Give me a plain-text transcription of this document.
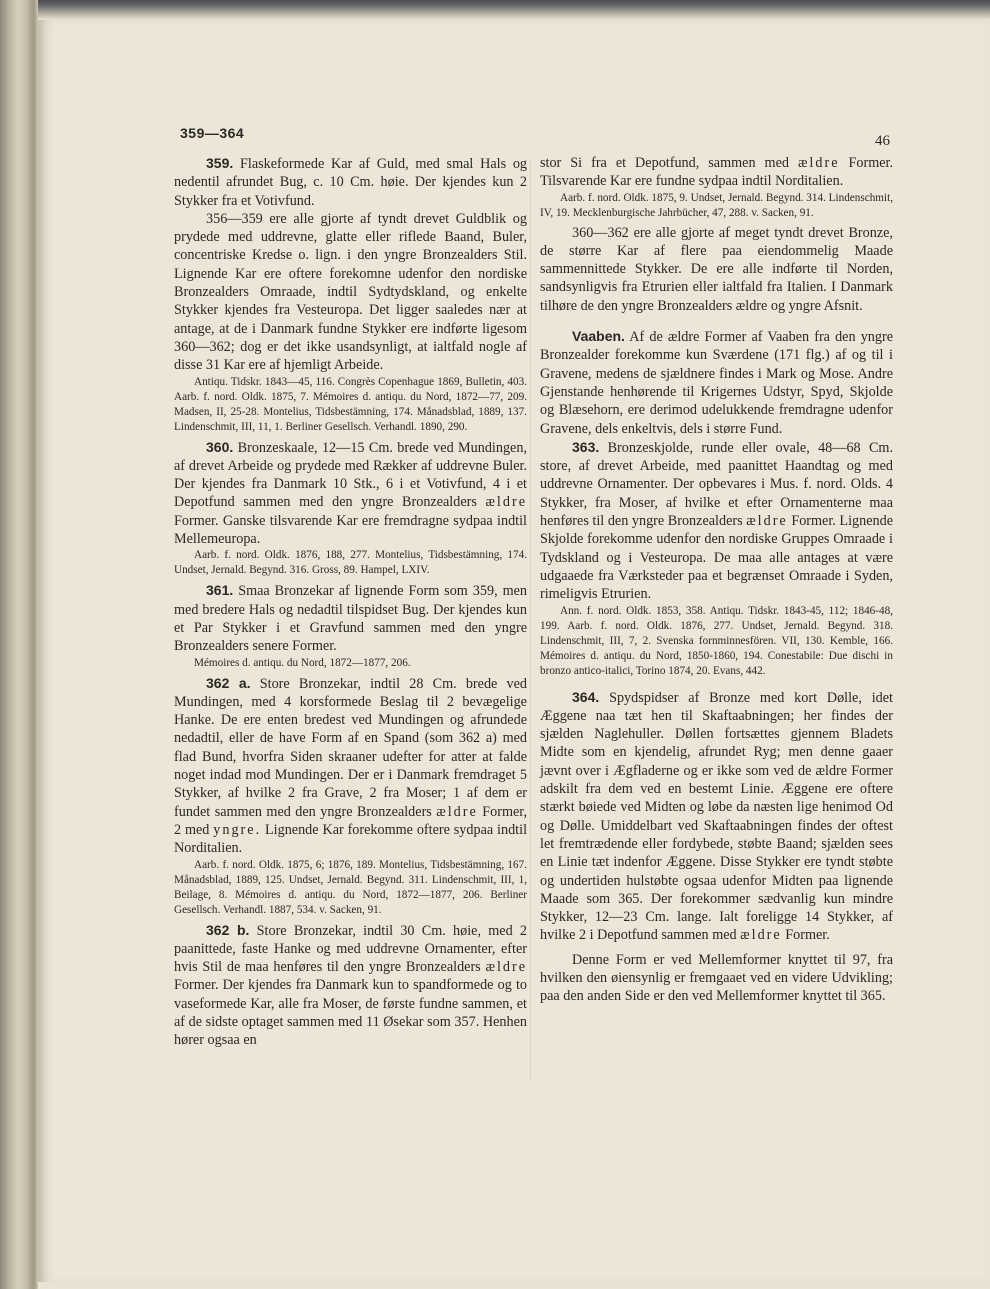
359—364	46

359. Flaskeformede Kar af Guld, med smal Hals og nedentil afrundet Bug, c. 10 Cm. høie. Der kjendes kun 2 Stykker fra et Votivfund.

356—359 ere alle gjorte af tyndt drevet Guldblik og prydede med uddrevne, glatte eller riflede Baand, Buler, concentriske Kredse o. lign. i den yngre Bronzealders Stil. Lignende Kar ere oftere forekomne udenfor den nordiske Bronzealders Omraade, indtil Sydtydskland, og enkelte Stykker kjendes fra Vesteuropa. Det ligger saaledes nær at antage, at de i Danmark fundne Stykker ere indførte ligesom 360—362; dog er det ikke usandsynligt, at ialtfald nogle af disse 31 Kar ere af hjemligt Arbeide.

Antiqu. Tidskr. 1843—45, 116. Congrès Copenhague 1869, Bulletin, 403. Aarb. f. nord. Oldk. 1875, 7. Mémoires d. antiqu. du Nord, 1872—77, 209. Madsen, II, 25-28. Montelius, Tidsbestämning, 174. Månadsblad, 1889, 137. Lindenschmit, III, 11, 1. Berliner Gesellsch. Verhandl. 1890, 290.

360. Bronzeskaale, 12—15 Cm. brede ved Mundingen, af drevet Arbeide og prydede med Rækker af uddrevne Buler. Der kjendes fra Danmark 10 Stk., 6 i et Votivfund, 4 i et Depotfund sammen med den yngre Bronzealders ældre Former. Ganske tilsvarende Kar ere fremdragne sydpaa indtil Mellemeuropa.

Aarb. f. nord. Oldk. 1876, 188, 277. Montelius, Tidsbestämning, 174. Undset, Jernald. Begynd. 316. Gross, 89. Hampel, LXIV.

361. Smaa Bronzekar af lignende Form som 359, men med bredere Hals og nedadtil tilspidset Bug. Der kjendes kun et Par Stykker i et Gravfund sammen med den yngre Bronzealders senere Former.

Mémoires d. antiqu. du Nord, 1872—1877, 206.

362 a. Store Bronzekar, indtil 28 Cm. brede ved Mundingen, med 4 korsformede Beslag til 2 bevægelige Hanke. De ere enten bredest ved Mundingen og afrundede nedadtil, eller de have Form af en Spand (som 362 a) med flad Bund, hvorfra Siden skraaner udefter for atter at falde noget indad mod Mundingen. Der er i Danmark fremdraget 5 Stykker, af hvilke 2 fra Grave, 2 fra Moser; 1 af dem er fundet sammen med den yngre Bronzealders ældre Former, 2 med yngre. Lignende Kar forekomme oftere sydpaa indtil Norditalien.

Aarb. f. nord. Oldk. 1875, 6; 1876, 189. Montelius, Tidsbestämning, 167. Månadsblad, 1889, 125. Undset, Jernald. Begynd. 311. Lindenschmit, III, 1, Beilage, 8. Mémoires d. antiqu. du Nord, 1872—1877, 206. Berliner Gesellsch. Verhandl. 1887, 534. v. Sacken, 91.

362 b. Store Bronzekar, indtil 30 Cm. høie, med 2 paanittede, faste Hanke og med uddrevne Ornamenter, efter hvis Stil de maa henføres til den yngre Bronzealders ældre Former. Der kjendes fra Danmark kun to spandformede og to vaseformede Kar, alle fra Moser, de første fundne sammen, et af de sidste optaget sammen med 11 Øsekar som 357. Henhen hører ogsaa en

stor Si fra et Depotfund, sammen med ældre Former. Tilsvarende Kar ere fundne sydpaa indtil Norditalien.

Aarb. f. nord. Oldk. 1875, 9. Undset, Jernald. Begynd. 314. Lindenschmit, IV, 19. Mecklenburgische Jahrbücher, 47, 288. v. Sacken, 91.

360—362 ere alle gjorte af meget tyndt drevet Bronze, de større Kar af flere paa eiendommelig Maade sammennittede Stykker. De ere alle indførte til Norden, sandsynligvis fra Etrurien eller ialtfald fra Italien. I Danmark tilhøre de den yngre Bronzealders ældre og yngre Afsnit.

Vaaben. Af de ældre Former af Vaaben fra den yngre Bronzealder forekomme kun Sværdene (171 flg.) af og til i Gravene, medens de sjældnere findes i Mark og Mose. Andre Gjenstande henhørende til Krigernes Udstyr, Spyd, Skjolde og Blæsehorn, ere derimod udelukkende fremdragne udenfor Gravene, dels enkeltvis, dels i større Fund.

363. Bronzeskjolde, runde eller ovale, 48—68 Cm. store, af drevet Arbeide, med paanittet Haandtag og med uddrevne Ornamenter. Der opbevares i Mus. f. nord. Olds. 4 Stykker, fra Moser, af hvilke et efter Ornamenterne maa henføres til den yngre Bronzealders ældre Former. Lignende Skjolde forekomme udenfor den nordiske Gruppes Omraade i Tydskland og i Vesteuropa. De maa alle antages at være udgaaede fra Værksteder paa et begrænset Omraade i Syden, rimeligvis Etrurien.

Ann. f. nord. Oldk. 1853, 358. Antiqu. Tidskr. 1843-45, 112; 1846-48, 199. Aarb. f. nord. Oldk. 1876, 277. Undset, Jernald. Begynd. 318. Lindenschmit, III, 7, 2. Svenska fornminnesfören. VII, 130. Kemble, 166. Mémoires d. antiqu. du Nord, 1850-1860, 194. Conestabile: Due dischi in bronzo antico-italici, Torino 1874, 20. Evans, 442.

364. Spydspidser af Bronze med kort Dølle, idet Æggene naa tæt hen til Skaftaabningen; her findes der sjælden Naglehuller. Døllen fortsættes gjennem Bladets Midte som en kjendelig, afrundet Ryg; men denne gaaer jævnt over i Ægfladerne og er ikke som ved de ældre Former adskilt fra dem ved en bestemt Linie. Æggene ere oftere stærkt bøiede ved Midten og løbe da næsten lige henimod Od og Dølle. Umiddelbart ved Skaftaabningen findes der oftest let fremtrædende eller fordybede, støbte Baand; sjælden sees en Linie tæt indenfor Æggene. Disse Stykker ere tyndt støbte og undertiden hulstøbte ogsaa udenfor Midten paa lignende Maade som 365. Der forekommer sædvanlig kun mindre Stykker, 12—23 Cm. lange. Ialt foreligge 14 Stykker, af hvilke 2 i Depotfund sammen med ældre Former.

Denne Form er ved Mellemformer knyttet til 97, fra hvilken den øiensynlig er fremgaaet ved en videre Udvikling; paa den anden Side er den ved Mellemformer knyttet til 365.
